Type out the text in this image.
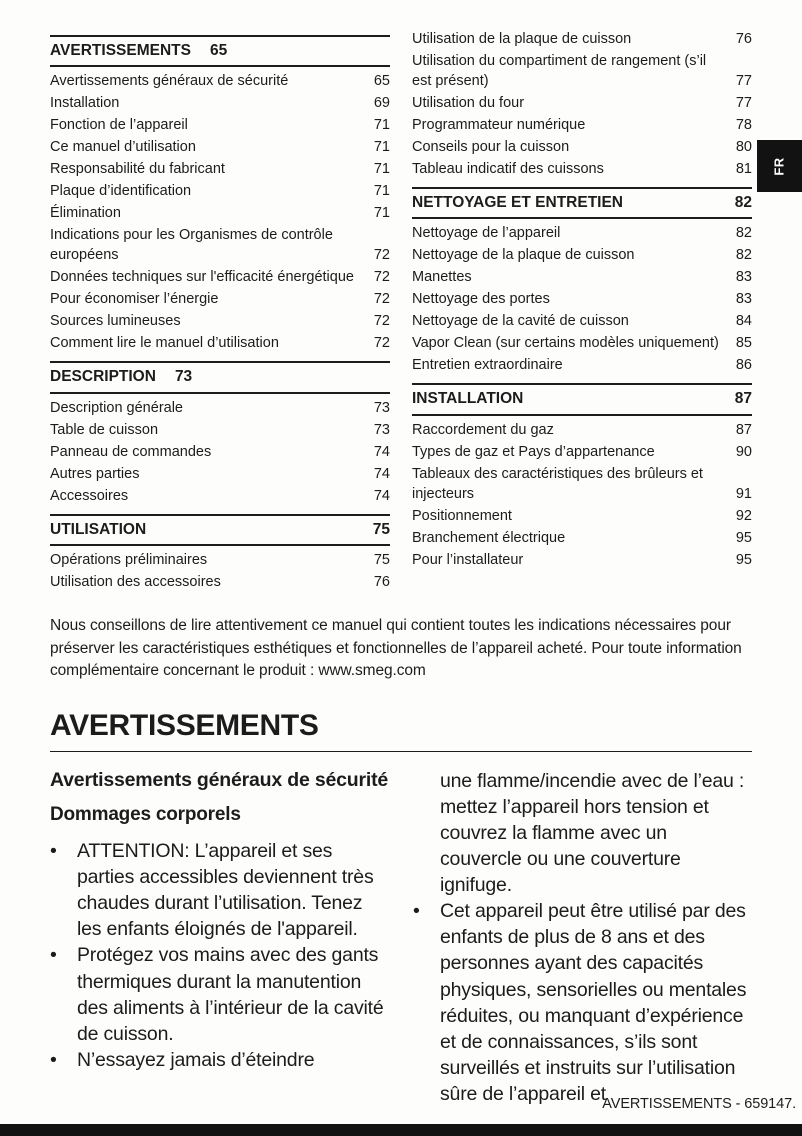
FR
AVERTISSEMENTS	65
Avertissements généraux de sécurité	65
Installation	69
Fonction de l’appareil	71
Ce manuel d’utilisation	71
Responsabilité du fabricant	71
Plaque d’identification	71
Élimination	71
Indications pour les Organismes de contrôle européens	72
Données techniques sur l'efficacité énergétique	72
Pour économiser l’énergie	72
Sources lumineuses	72
Comment lire le manuel d’utilisation	72
DESCRIPTION	73
Description générale	73
Table de cuisson	73
Panneau de commandes	74
Autres parties	74
Accessoires	74
UTILISATION	75
Opérations préliminaires	75
Utilisation des accessoires	76
Utilisation de la plaque de cuisson	76
Utilisation du compartiment de rangement (s’il est présent)	77
Utilisation du four	77
Programmateur numérique	78
Conseils pour la cuisson	80
Tableau indicatif des cuissons	81
NETTOYAGE ET ENTRETIEN	82
Nettoyage de l’appareil	82
Nettoyage de la plaque de cuisson	82
Manettes	83
Nettoyage des portes	83
Nettoyage de la cavité de cuisson	84
Vapor Clean (sur certains modèles uniquement)	85
Entretien extraordinaire	86
INSTALLATION	87
Raccordement du gaz	87
Types de gaz et Pays d’appartenance	90
Tableaux des caractéristiques des brûleurs et injecteurs	91
Positionnement	92
Branchement électrique	95
Pour l’installateur	95

Nous conseillons de lire attentivement ce manuel qui contient toutes les indications nécessaires pour préserver les caractéristiques esthétiques et fonctionnelles de l’appareil acheté. Pour toute information complémentaire concernant le produit : www.smeg.com

AVERTISSEMENTS
Avertissements généraux de sécurité
Dommages corporels
•
ATTENTION: L’appareil et ses parties accessibles deviennent très chaudes durant l’utilisation. Tenez les enfants éloignés de l'appareil.
•
Protégez vos mains avec des gants thermiques durant la manutention des aliments à l’intérieur de la cavité de cuisson.
•
N’essayez jamais d’éteindre
une flamme/incendie avec de l’eau : mettez l’appareil hors tension et couvrez la flamme avec un couvercle ou une couverture ignifuge.
•
Cet appareil peut être utilisé par des enfants de plus de 8 ans et des personnes ayant des capacités physiques, sensorielles ou mentales réduites, ou manquant d’expérience et de connaissances, s’ils sont surveillés et instruits sur l’utilisation sûre de l’appareil et
AVERTISSEMENTS - 659147.
